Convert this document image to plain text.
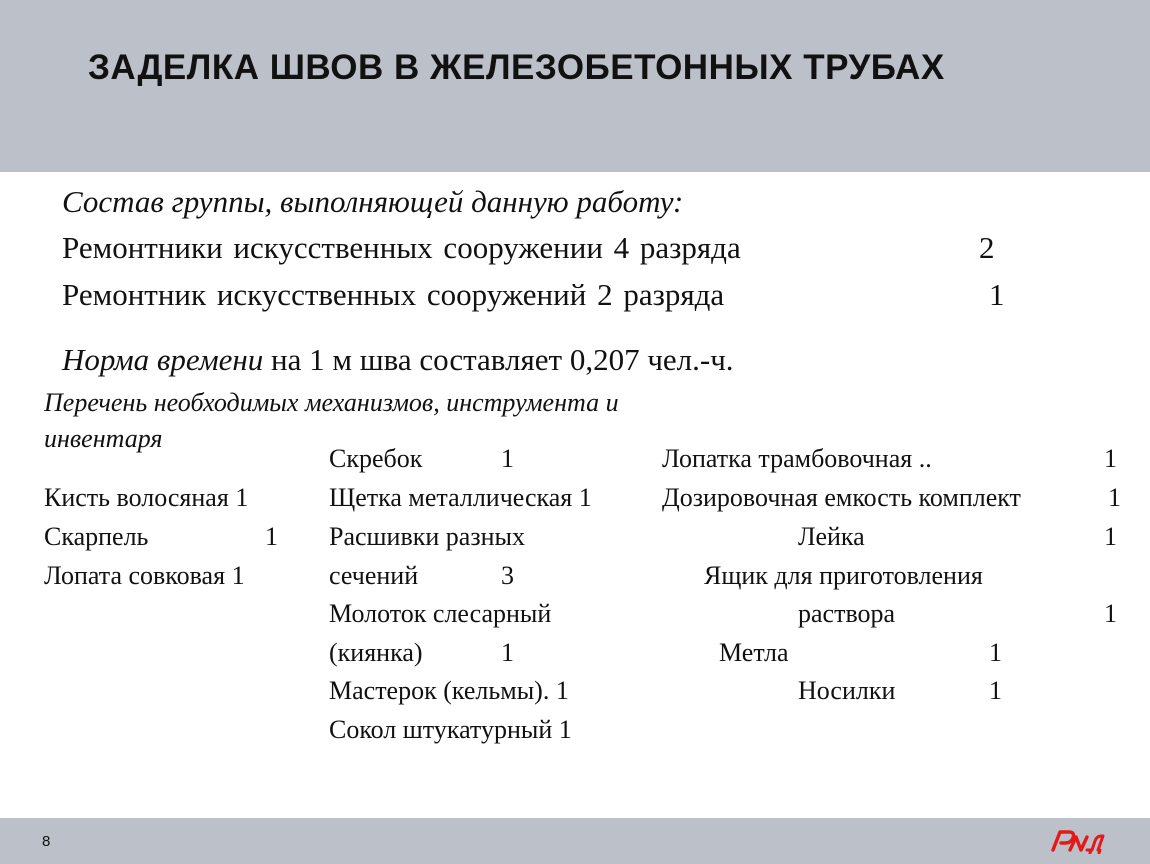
ЗАДЕЛКА ШВОВ В ЖЕЛЕЗОБЕТОННЫХ ТРУБАХ
Состав группы, выполняющей данную работу:
Ремонтники искусственных сооружении 4 разряда	2
Ремонтник искусственных сооружений 2 разряда	1
Норма времени на 1 м шва составляет 0,207 чел.-ч.
Перечень необходимых механизмов, инструмента и
инвентаря
Кисть волосяная 1
Скарпель	1
Лопата совковая 1
Скребок	1
Щетка металлическая 1
Расшивки разных
сечений	3
Молоток слесарный
(киянка)	1
Мастерок (кельмы). 1
Сокол штукатурный 1
Лопатка трамбовочная ..	1
Дозировочная емкость комплект	1
Лейка	1
Ящик для приготовления
раствора	1
Метла	1
Носилки	1
8
